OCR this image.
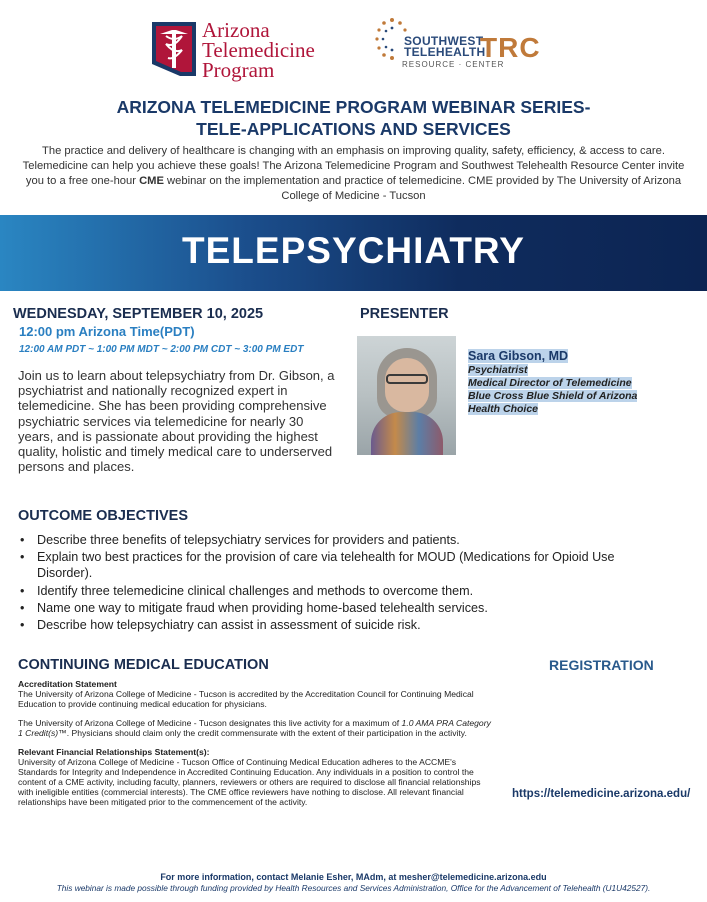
Arizona
Telemedicine
Program
SOUTHWEST
TELEHEALTH
TRC
RESOURCE · CENTER
ARIZONA TELEMEDICINE PROGRAM WEBINAR SERIES-
TELE-APPLICATIONS AND SERVICES
The practice and delivery of healthcare is changing with an emphasis on improving quality, safety, efficiency, & access to care. Telemedicine can help you achieve these goals! The Arizona Telemedicine Program and Southwest Telehealth Resource Center invite you to a free one-hour CME webinar on the implementation and practice of telemedicine. CME provided by The University of Arizona College of Medicine - Tucson
TELEPSYCHIATRY
WEDNESDAY, SEPTEMBER 10, 2025
12:00 pm Arizona Time(PDT)
12:00 AM PDT ~ 1:00 PM MDT ~ 2:00 PM CDT ~ 3:00 PM EDT
Join us to learn about telepsychiatry from Dr. Gibson, a psychiatrist and nationally recognized expert in telemedicine. She has been providing comprehensive psychiatric services via telemedicine for nearly 30 years, and is passionate about providing the highest quality, holistic and timely medical care to underserved persons and places.
PRESENTER
Sara Gibson, MD
Psychiatrist
Medical Director of Telemedicine
Blue Cross Blue Shield of Arizona
Health Choice
OUTCOME OBJECTIVES
• Describe three benefits of telepsychiatry services for providers and patients.
• Explain two best practices for the provision of care via telehealth for MOUD (Medications for Opioid Use Disorder).
• Identify three telemedicine clinical challenges and methods to overcome them.
• Name one way to mitigate fraud when providing home-based telehealth services.
• Describe how telepsychiatry can assist in assessment of suicide risk.
CONTINUING MEDICAL EDUCATION
Accreditation Statement

The University of Arizona College of Medicine - Tucson is accredited by the Accreditation Council for Continuing Medical Education to provide continuing medical education for physicians.

The University of Arizona College of Medicine - Tucson designates this live activity for a maximum of 1.0 AMA PRA Category 1 Credit(s)™. Physicians should claim only the credit commensurate with the extent of their participation in the activity.

Relevant Financial Relationships Statement(s):

University of Arizona College of Medicine - Tucson Office of Continuing Medical Education adheres to the ACCME's Standards for Integrity and Independence in Accredited Continuing Education. Any individuals in a position to control the content of a CME activity, including faculty, planners, reviewers or others are required to disclose all financial relationships with ineligible entities (commercial interests). The CME office reviewers have nothing to disclose. All relevant financial relationships have been mitigated prior to the commencement of the activity.

REGISTRATION
https://telemedicine.arizona.edu/
For more information, contact Melanie Esher, MAdm, at mesher@telemedicine.arizona.edu
This webinar is made possible through funding provided by Health Resources and Services Administration, Office for the Advancement of Telehealth (U1U42527).
